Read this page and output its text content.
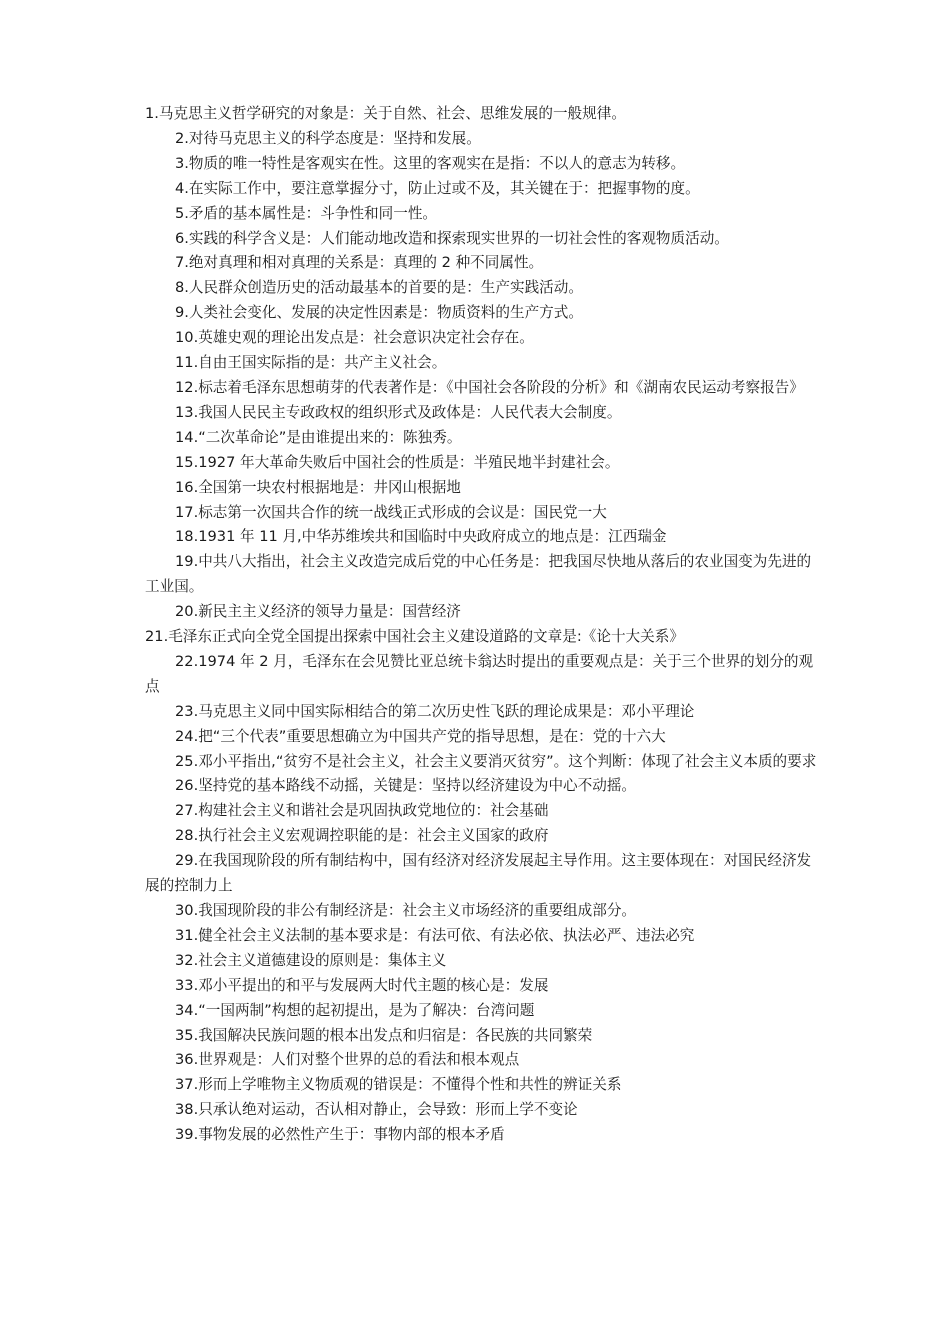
1.马克思主义哲学研究的对象是：关于自然、社会、思维发展的一般规律。

2.对待马克思主义的科学态度是：坚持和发展。

3.物质的唯一特性是客观实在性。这里的客观实在是指：不以人的意志为转移。

4.在实际工作中，要注意掌握分寸，防止过或不及，其关键在于：把握事物的度。

5.矛盾的基本属性是：斗争性和同一性。

6.实践的科学含义是：人们能动地改造和探索现实世界的一切社会性的客观物质活动。

7.绝对真理和相对真理的关系是：真理的 2 种不同属性。

8.人民群众创造历史的活动最基本的首要的是：生产实践活动。

9.人类社会变化、发展的决定性因素是：物质资料的生产方式。

10.英雄史观的理论出发点是：社会意识决定社会存在。

11.自由王国实际指的是：共产主义社会。

12.标志着毛泽东思想萌芽的代表著作是：《中国社会各阶段的分析》和《湖南农民运动考察报告》

13.我国人民民主专政政权的组织形式及政体是：人民代表大会制度。

14.“二次革命论”是由谁提出来的：陈独秀。

15.1927 年大革命失败后中国社会的性质是：半殖民地半封建社会。

16.全国第一块农村根据地是：井冈山根据地

17.标志第一次国共合作的统一战线正式形成的会议是：国民党一大

18.1931 年 11 月,中华苏维埃共和国临时中央政府成立的地点是：江西瑞金

19.中共八大指出，社会主义改造完成后党的中心任务是：把我国尽快地从落后的农业国变为先进的工业国。

20.新民主主义经济的领导力量是：国营经济

21.毛泽东正式向全党全国提出探索中国社会主义建设道路的文章是:《论十大关系》

22.1974 年 2 月，毛泽东在会见赞比亚总统卡翁达时提出的重要观点是：关于三个世界的划分的观点

23.马克思主义同中国实际相结合的第二次历史性飞跃的理论成果是：邓小平理论

24.把“三个代表”重要思想确立为中国共产党的指导思想，是在：党的十六大

25.邓小平指出,“贫穷不是社会主义，社会主义要消灭贫穷”。这个判断：体现了社会主义本质的要求

26.坚持党的基本路线不动摇，关键是：坚持以经济建设为中心不动摇。

27.构建社会主义和谐社会是巩固执政党地位的：社会基础

28.执行社会主义宏观调控职能的是：社会主义国家的政府

29.在我国现阶段的所有制结构中，国有经济对经济发展起主导作用。这主要体现在：对国民经济发展的控制力上

30.我国现阶段的非公有制经济是：社会主义市场经济的重要组成部分。

31.健全社会主义法制的基本要求是：有法可依、有法必依、执法必严、违法必究

32.社会主义道德建设的原则是：集体主义

33.邓小平提出的和平与发展两大时代主题的核心是：发展

34.“一国两制”构想的起初提出，是为了解决：台湾问题

35.我国解决民族问题的根本出发点和归宿是：各民族的共同繁荣

36.世界观是：人们对整个世界的总的看法和根本观点

37.形而上学唯物主义物质观的错误是：不懂得个性和共性的辨证关系

38.只承认绝对运动，否认相对静止，会导致：形而上学不变论

39.事物发展的必然性产生于：事物内部的根本矛盾
